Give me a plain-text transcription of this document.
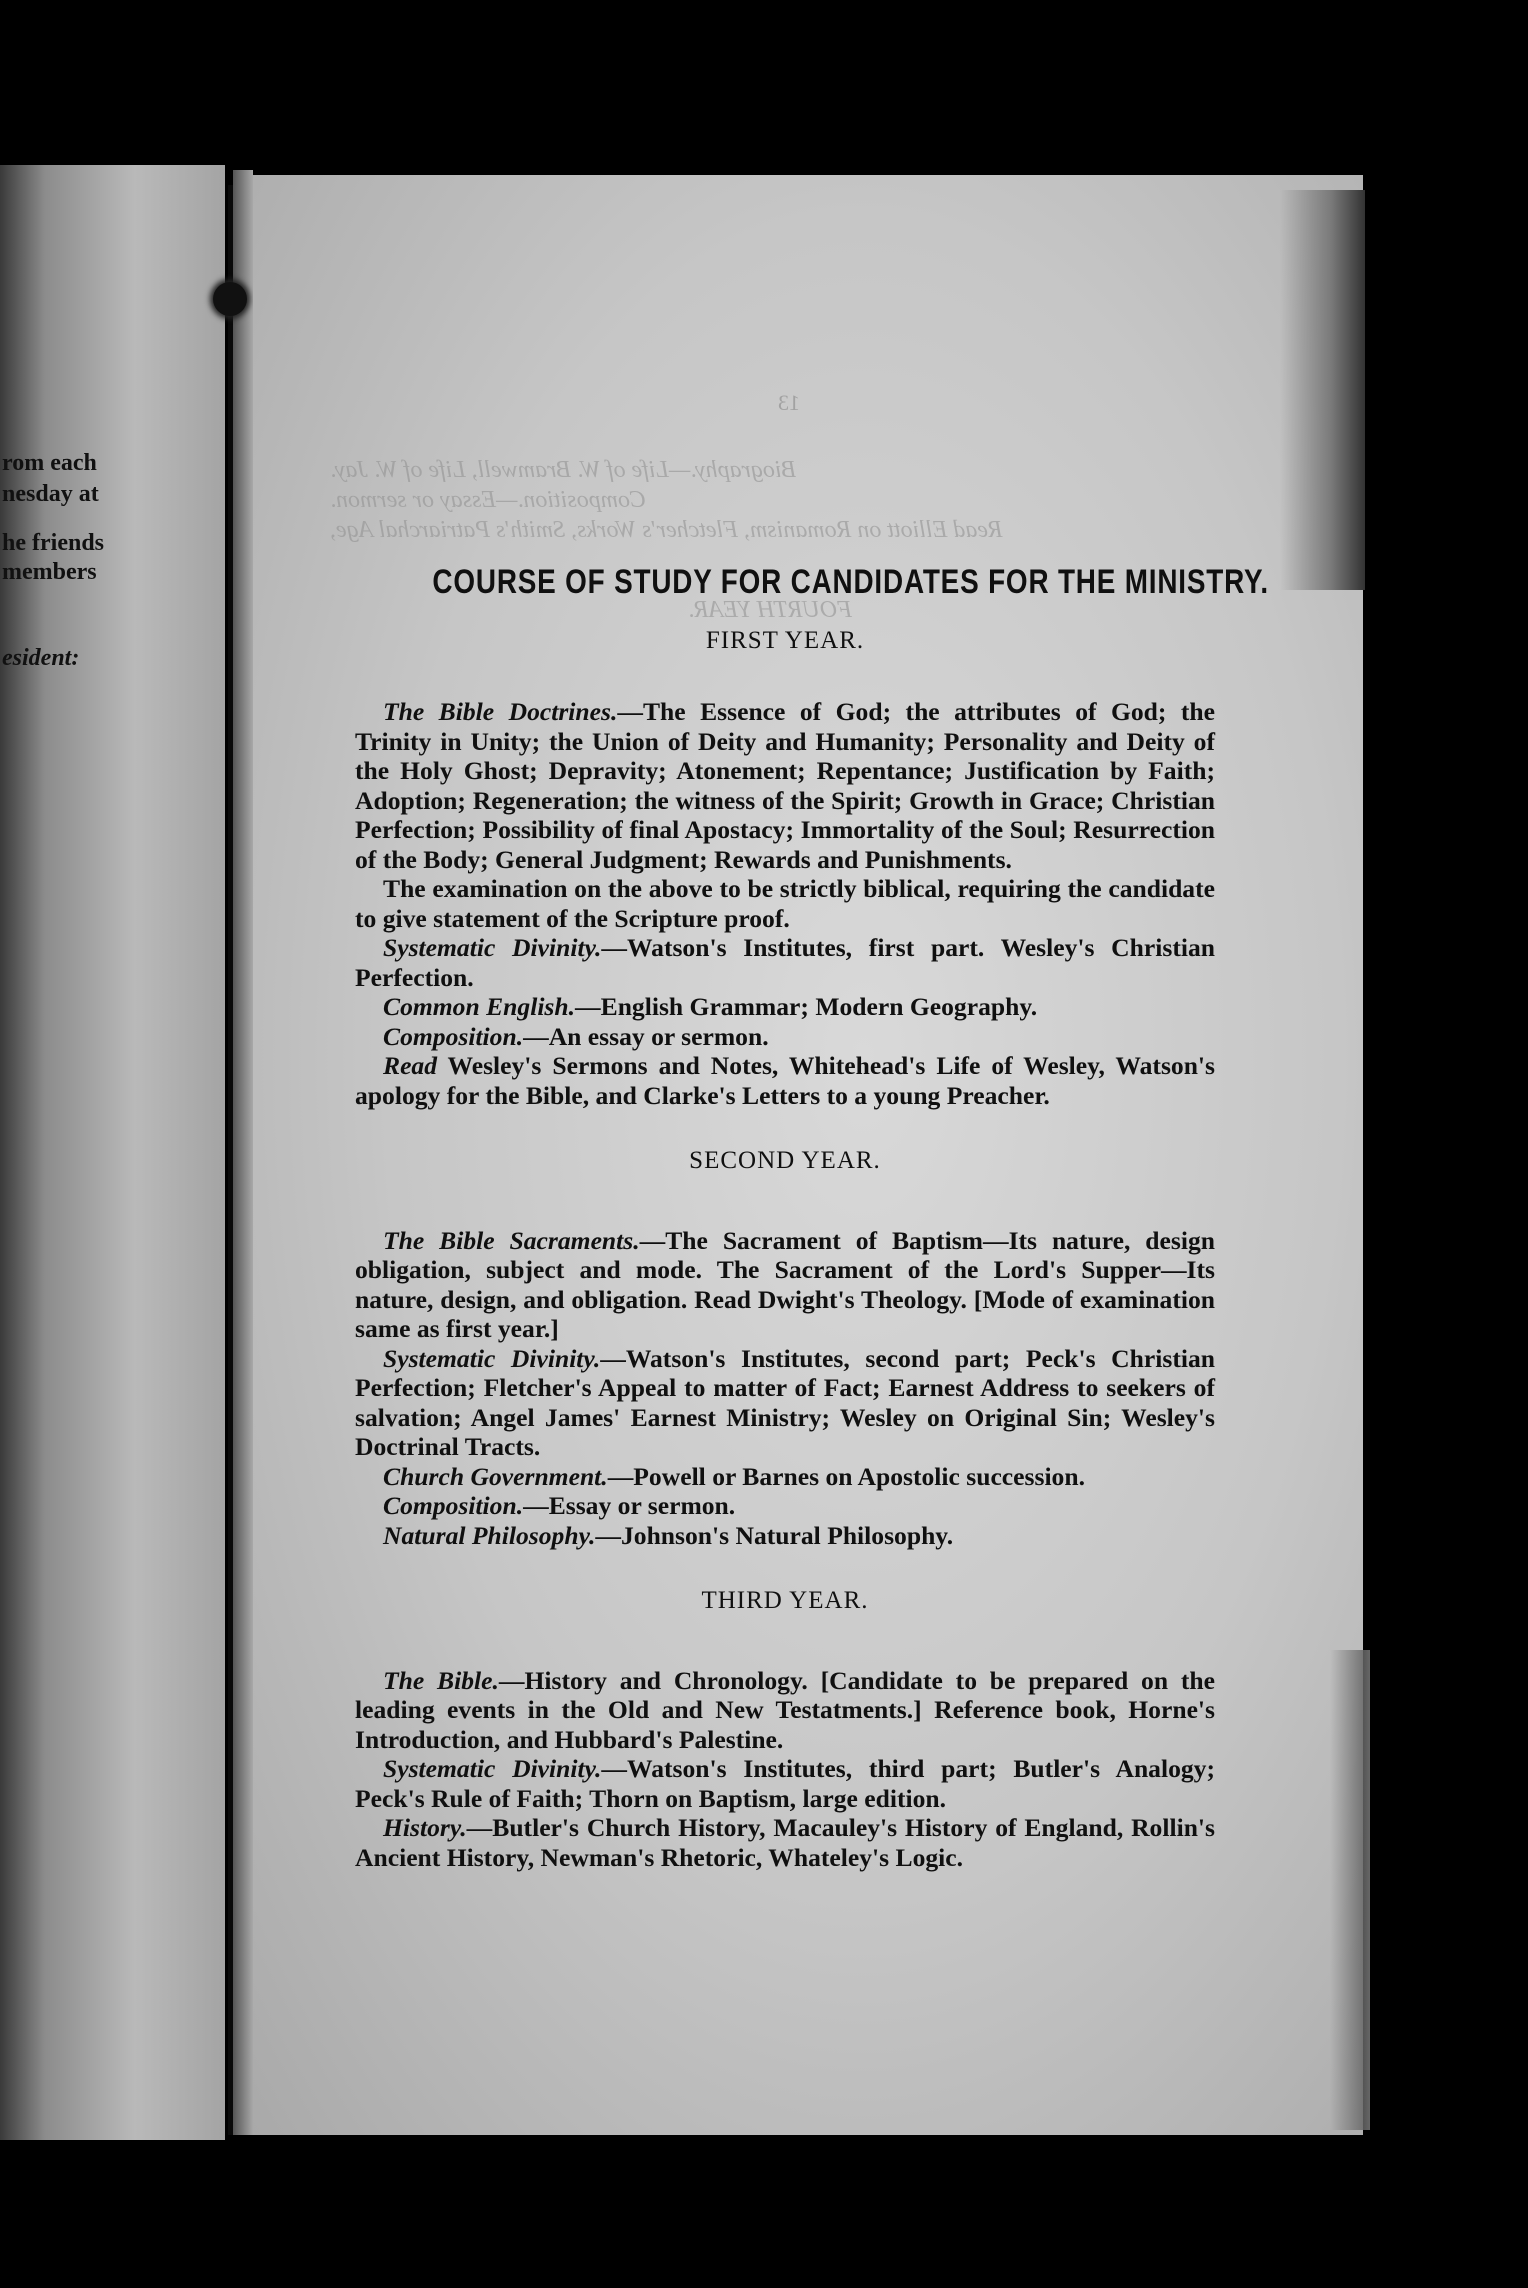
rom each
nesday at
he friends
members
esident:
13
Biography.—Life of W. Bramwell, Life of W. Jay.
Composition.—Essay or sermon.
Read Elliott on Romanism, Fletcher's Works, Smith's Patriarchal Age,
FOURTH YEAR.
COURSE OF STUDY FOR CANDIDATES FOR THE MINISTRY.
FIRST YEAR.

The Bible Doctrines.—The Essence of God; the attributes of God; the Trinity in Unity; the Union of Deity and Humanity; Personality and Deity of the Holy Ghost; Depravity; Atonement; Repentance; Justification by Faith; Adoption; Regeneration; the witness of the Spirit; Growth in Grace; Christian Perfection; Possibility of final Apostacy; Immortality of the Soul; Resurrection of the Body; General Judgment; Rewards and Punishments.

The examination on the above to be strictly biblical, requiring the candidate to give statement of the Scripture proof.

Systematic Divinity.—Watson's Institutes, first part. Wesley's Christian Perfection.

Common English.—English Grammar; Modern Geography.

Composition.—An essay or sermon.

Read Wesley's Sermons and Notes, Whitehead's Life of Wesley, Watson's apology for the Bible, and Clarke's Letters to a young Preacher.

SECOND YEAR.

The Bible Sacraments.—The Sacrament of Baptism—Its nature, design obligation, subject and mode. The Sacrament of the Lord's Supper—Its nature, design, and obligation. Read Dwight's Theology. [Mode of examination same as first year.]

Systematic Divinity.—Watson's Institutes, second part; Peck's Christian Perfection; Fletcher's Appeal to matter of Fact; Earnest Address to seekers of salvation; Angel James' Earnest Ministry; Wesley on Original Sin; Wesley's Doctrinal Tracts.

Church Government.—Powell or Barnes on Apostolic succession.

Composition.—Essay or sermon.

Natural Philosophy.—Johnson's Natural Philosophy.

THIRD YEAR.

The Bible.—History and Chronology. [Candidate to be prepared on the leading events in the Old and New Testatments.] Reference book, Horne's Introduction, and Hubbard's Palestine.

Systematic Divinity.—Watson's Institutes, third part; Butler's Analogy; Peck's Rule of Faith; Thorn on Baptism, large edition.

History.—Butler's Church History, Macauley's History of England, Rollin's Ancient History, Newman's Rhetoric, Whateley's Logic.
